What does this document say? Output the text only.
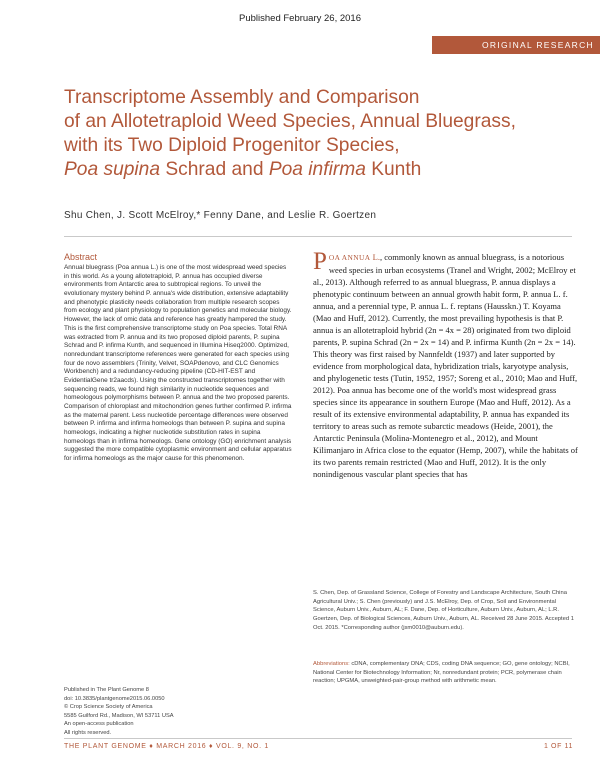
Published February 26, 2016
ORIGINAL RESEARCH

Transcriptome Assembly and Comparison

of an Allotetraploid Weed Species, Annual Bluegrass,

with its Two Diploid Progenitor Species,

Poa supina Schrad and Poa infirma Kunth

Shu Chen, J. Scott McElroy,* Fenny Dane, and Leslie R. Goertzen
Abstract
Annual bluegrass (Poa annua L.) is one of the most widespread weed species in this world. As a young allotetraploid, P. annua has occupied diverse environments from Antarctic area to subtropical regions. To unveil the evolutionary mystery behind P. annua's wide distribution, extensive adaptability and phenotypic plasticity needs collaboration from multiple research scopes from ecology and plant physiology to population genetics and molecular biology. However, the lack of omic data and reference has greatly hampered the study. This is the first comprehensive transcriptome study on Poa species. Total RNA was extracted from P. annua and its two proposed diploid parents, P. supina Schrad and P. infirma Kunth, and sequenced in Illumina Hiseq2000. Optimized, nonredundant transcriptome references were generated for each species using four de novo assemblers (Trinity, Velvet, SOAPdenovo, and CLC Genomics Workbench) and a redundancy-reducing pipeline (CD-HIT-EST and EvidentialGene tr2aacds). Using the constructed transcriptomes together with sequencing reads, we found high similarity in nucleotide sequences and homeologous polymorphisms between P. annua and the two proposed parents. Comparison of chloroplast and mitochondrion genes further confirmed P. infirma as the maternal parent. Less nucleotide percentage differences were observed between P. infirma and infirma homeologs than between P. supina and supina homeologs, indicating a higher nucleotide substitution rates in supina homeologs than in infirma homeologs. Gene ontology (GO) enrichment analysis suggested the more compatible cytoplasmic environment and cellular apparatus for infirma homeologs as the major cause for this phenomenon.
Published in The Plant Genome 8
doi: 10.3835/plantgenome2015.06.0050
© Crop Science Society of America
5585 Guilford Rd., Madison, WI 53711 USA
An open-access publication
All rights reserved.
POA ANNUA L., commonly known as annual bluegrass, is a notorious weed species in urban ecosystems (Tranel and Wright, 2002; McElroy et al., 2013). Although referred to as annual bluegrass, P. annua displays a phenotypic continuum between an annual growth habit form, P. annua L. f. annua, and a perennial type, P. annua L. f. reptans (Hausskn.) T. Koyama (Mao and Huff, 2012). Currently, the most prevailing hypothesis is that P. annua is an allotetraploid hybrid (2n = 4x = 28) originated from two diploid parents, P. supina Schrad (2n = 2x = 14) and P. infirma Kunth (2n = 2x = 14). This theory was first raised by Nannfeldt (1937) and later supported by evidence from morphological data, hybridization trials, karyotype analysis, and phylogenetic tests (Tutin, 1952, 1957; Soreng et al., 2010; Mao and Huff, 2012). Poa annua has become one of the world's most widespread grass species since its appearance in southern Europe (Mao and Huff, 2012). As a result of its extensive environmental adaptability, P. annua has expanded its territory to areas such as remote subarctic meadows (Heide, 2001), the Antarctic Peninsula (Molina-Montenegro et al., 2012), and Mount Kilimanjaro in Africa close to the equator (Hemp, 2007), while the habitats of its two parents remain restricted (Mao and Huff, 2012). It is the only nonindigenous vascular plant species that has
S. Chen, Dep. of Grassland Science, College of Forestry and Landscape Architecture, South China Agricultural Univ.; S. Chen (previously) and J.S. McElroy, Dep. of Crop, Soil and Environmental Science, Auburn Univ., Auburn, AL; F. Dane, Dep. of Horticulture, Auburn Univ., Auburn, AL; L.R. Goertzen, Dep. of Biological Sciences, Auburn Univ., Auburn, AL. Received 28 June 2015. Accepted 1 Oct. 2015. *Corresponding author (jsm0010@auburn.edu).
Abbreviations: cDNA, complementary DNA; CDS, coding DNA sequence; GO, gene ontology; NCBI, National Center for Biotechnology Information; Nr, nonredundant protein; PCR, polymerase chain reaction; UPGMA, unweighted-pair-group method with arithmetic mean.
THE PLANT GENOME ♦ MARCH 2016 ♦ VOL. 9, NO. 1	1 OF 11
